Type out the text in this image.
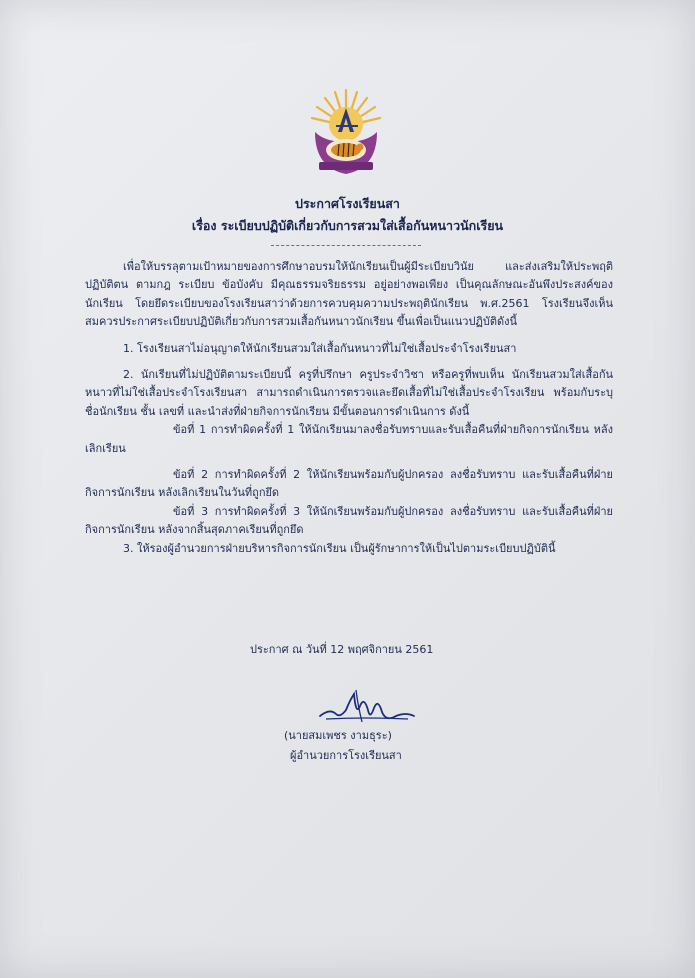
ประกาศโรงเรียนสา
เรื่อง ระเบียบปฏิบัติเกี่ยวกับการสวมใส่เสื้อกันหนาวนักเรียน

เพื่อให้บรรลุตามเป้าหมายของการศึกษาอบรมให้นักเรียนเป็นผู้มีระเบียบวินัย และส่งเสริมให้ประพฤติปฏิบัติตน ตามกฎ ระเบียบ ข้อบังคับ มีคุณธรรมจริยธรรม อยู่อย่างพอเพียง เป็นคุณลักษณะอันพึงประสงค์ของนักเรียน โดยยึดระเบียบของโรงเรียนสาว่าด้วยการควบคุมความประพฤตินักเรียน พ.ศ.2561 โรงเรียนจึงเห็นสมควรประกาศระเบียบปฏิบัติเกี่ยวกับการสวมเสื้อกันหนาวนักเรียน ขึ้นเพื่อเป็นแนวปฏิบัติดังนี้

1. โรงเรียนสาไม่อนุญาตให้นักเรียนสวมใส่เสื้อกันหนาวที่ไม่ใช่เสื้อประจำโรงเรียนสา

2. นักเรียนที่ไม่ปฏิบัติตามระเบียบนี้ ครูที่ปรึกษา ครูประจำวิชา หรือครูที่พบเห็น นักเรียนสวมใส่เสื้อกันหนาวที่ไม่ใช่เสื้อประจำโรงเรียนสา สามารถดำเนินการตรวจและยึดเสื้อที่ไม่ใช่เสื้อประจำโรงเรียน พร้อมกับระบุชื่อนักเรียน ชั้น เลขที่ และนำส่งที่ฝ่ายกิจการนักเรียน มีขั้นตอนการดำเนินการ ดังนี้

ข้อที่ 1 การทำผิดครั้งที่ 1 ให้นักเรียนมาลงชื่อรับทราบและรับเสื้อคืนที่ฝ่ายกิจการนักเรียน หลังเลิกเรียน

ข้อที่ 2 การทำผิดครั้งที่ 2 ให้นักเรียนพร้อมกับผู้ปกครอง ลงชื่อรับทราบ และรับเสื้อคืนที่ฝ่ายกิจการนักเรียน หลังเลิกเรียนในวันที่ถูกยึด

ข้อที่ 3 การทำผิดครั้งที่ 3 ให้นักเรียนพร้อมกับผู้ปกครอง ลงชื่อรับทราบ และรับเสื้อคืนที่ฝ่ายกิจการนักเรียน หลังจากสิ้นสุดภาคเรียนที่ถูกยึด

3. ให้รองผู้อำนวยการฝ่ายบริหารกิจการนักเรียน เป็นผู้รักษาการให้เป็นไปตามระเบียบปฏิบัตินี้

ประกาศ ณ วันที่ 12 พฤศจิกายน 2561
(นายสมเพชร งามธุระ)
ผู้อำนวยการโรงเรียนสา
